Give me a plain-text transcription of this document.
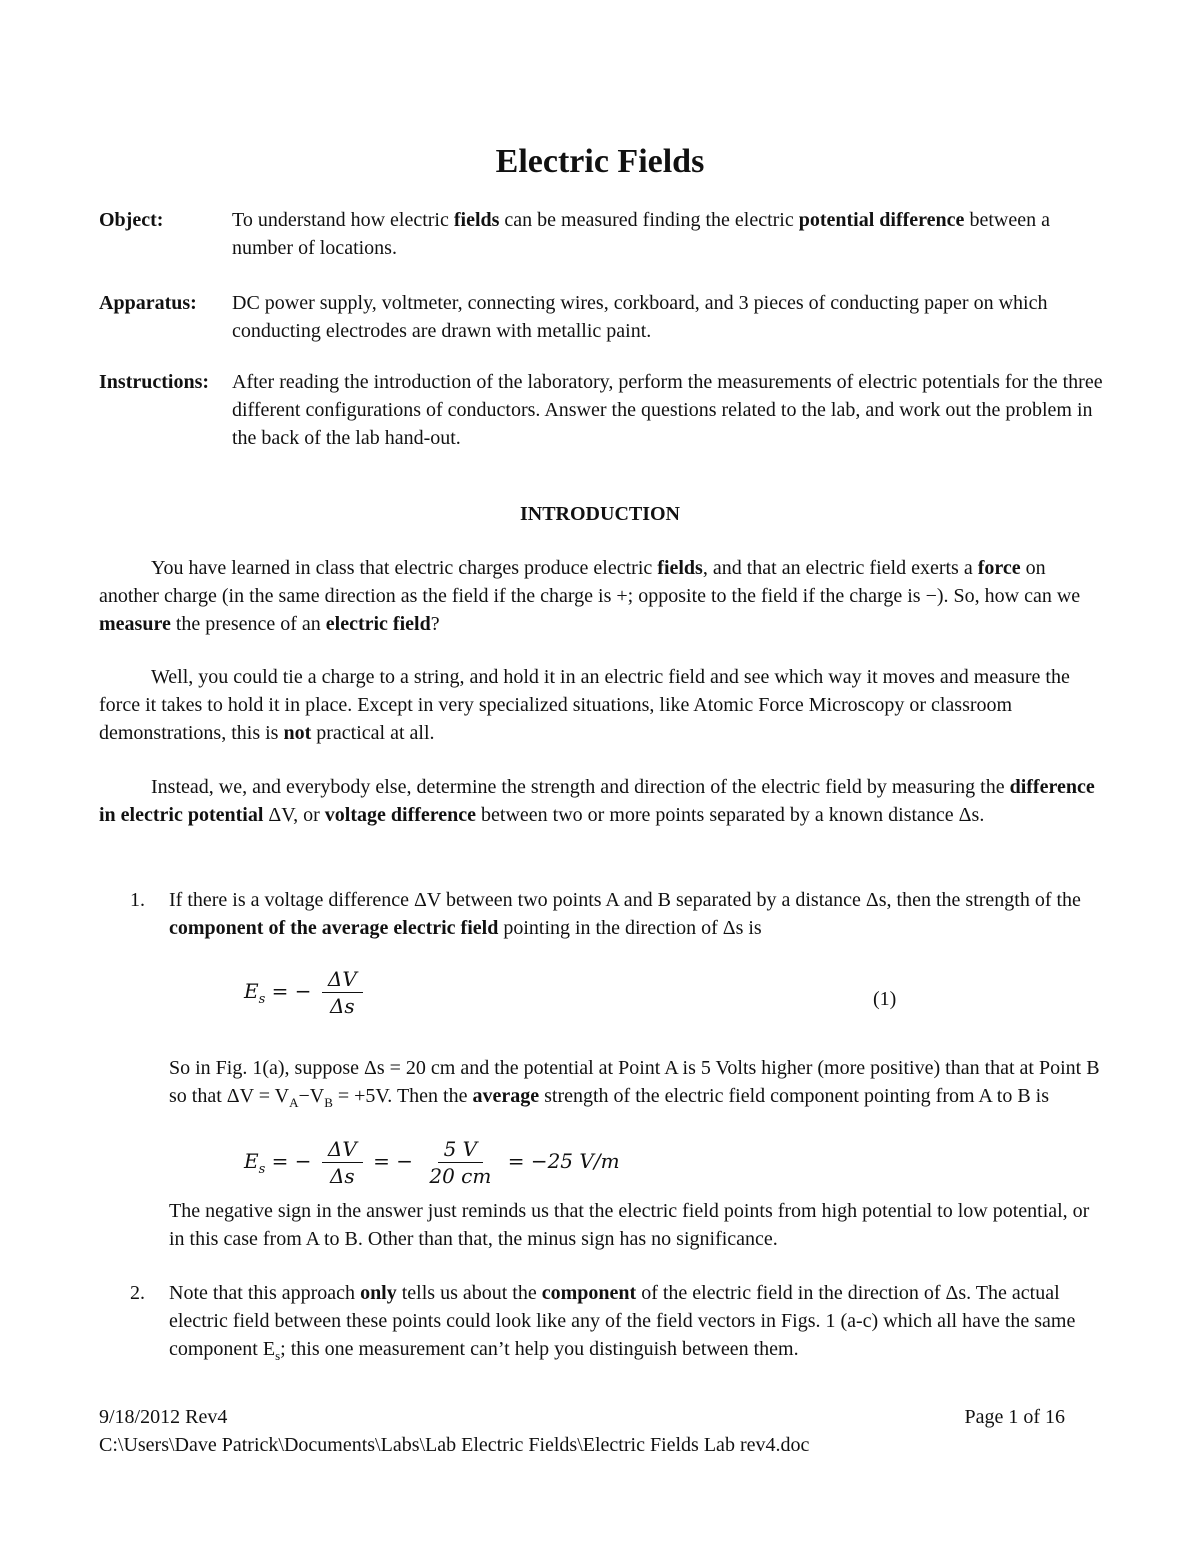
Electric Fields
Object:	To understand how electric fields can be measured finding the electric potential difference between a number of locations.
Apparatus: DC power supply, voltmeter, connecting wires, corkboard, and 3 pieces of conducting paper on which conducting electrodes are drawn with metallic paint.
Instructions: After reading the introduction of the laboratory, perform the measurements of electric potentials for the three different configurations of conductors. Answer the questions related to the lab, and work out the problem in the back of the lab hand-out.
INTRODUCTION
You have learned in class that electric charges produce electric fields, and that an electric field exerts a force on another charge (in the same direction as the field if the charge is +; opposite to the field if the charge is −). So, how can we measure the presence of an electric field?
Well, you could tie a charge to a string, and hold it in an electric field and see which way it moves and measure the force it takes to hold it in place. Except in very specialized situations, like Atomic Force Microscopy or classroom demonstrations, this is not practical at all.
Instead, we, and everybody else, determine the strength and direction of the electric field by measuring the difference in electric potential ΔV, or voltage difference between two or more points separated by a known distance Δs.
1. If there is a voltage difference ΔV between two points A and B separated by a distance Δs, then the strength of the component of the average electric field pointing in the direction of Δs is
$E_s$ = − $\frac{\Delta V}{\Delta s}$	(1)
So in Fig. 1(a), suppose Δs = 20 cm and the potential at Point A is 5 Volts higher (more positive) than that at Point B so that $\Delta V = V_A-V_B = +5V$. Then the average strength of the electric field component pointing from A to B is
$E_s$ = − $\frac{\Delta V}{\Delta s}$ = − $\frac{5 V}{20 cm} = -25$ V/m
The negative sign in the answer just reminds us that the electric field points from high potential to low potential, or in this case from A to B. Other than that, the minus sign has no significance.
2. Note that this approach only tells us about the component of the electric field in the direction of Δs. The actual electric field between these points could look like any of the field vectors in Figs. 1 (a-c) which all have the same component $E_s$; this one measurement can’t help you distinguish between them.
9/18/2012 Rev4	Page 1 of 16
C:\Users\Dave Patrick\Documents\Labs\Lab Electric Fields\Electric Fields Lab rev4.doc
